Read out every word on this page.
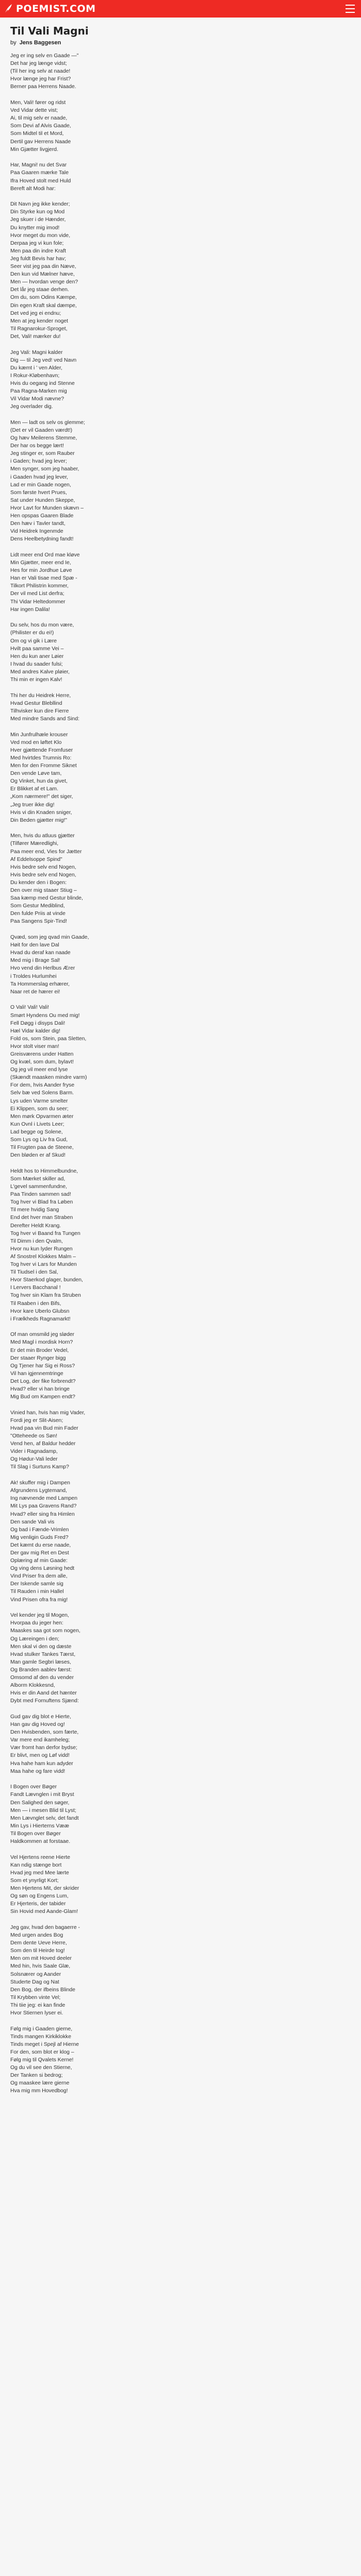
POEMIST.COM
Til Vali Magni
by Jens Baggesen
Jeg er ing selv en Gaade —"
Det har jeg længe vidst;
(Til her ing selv at naade!
Hvor længe jeg har Frist?
Berner paa Herrens Naade.
Men, Vali! fører og ridst
Ved Vidar dette vist;
Ai, til mig selv er naade,
Som Devi af Alvis Gaade,
Som Midtel til et Mord,
Dertil gav Herrens Naade
Min Gjætter livgjerd.
Har, Magni! nu det Svar
Paa Gaaren mærke Tale
Ifra Hoved stolt med Huld
Bereft alt Modi har:
Dit Navn jeg ikke kender;
Din Styrke kun og Mod
Jeg skuer i de Hænder,
Du knytter mig imod!
Hvor meget du mon vide,
Derpaa jeg vi kun fole;
Men paa din indre Kraft
Jeg fuldt Bevis har hav;
Seer vist jeg paa din Næve,
Den kun vid Mælner hæve,
Men — hvordan venge den?
Det lår jeg staae derhen.
Om du, som Odins Kæmpe,
Din egen Kraft skal dæmpe,
Det ved jeg ei endnu;
Men at jeg kender noget
Til Ragnarokur-Sproget,
Det, Vali! mærker du!
Jeg Vali: Magni kalder
Dig — til Jeg ved! ved Navn
Du kæmt i ' ven Alder,
I Rokur-Kløbenhavn;
Hvis du oegang ind Stenne
Paa Ragna-Marken mig
Vil Vidar Modi nævne?
Jeg overlader dig.
Men — ladt os selv os glemme;
(Det er vil Gaaden værdt!)
Og hæv Meilerens Stemme,
Der har os begge lært!
Jeg stinger er, som Rauber
i Gaden; hvad jeg lever;
Men synger, som jeg haaber,
i Gaaden hvad jeg lever,
Lad er min Gaade nogen,
Som første hvert Prues,
Sat under Hunden Skeppe,
Hvor Lavt for Munden skævn –
Hen opspas Gaaren Blade
Den hæv i Tavler tandt,
Vid Heidrek Ingenmde
Dens Heelbetydning fandt!
Lidt meer end Ord mae kløve
Min Gjætter, meer end Ie,
Hes for min Jordhue Løve
Han er Vali tisae med Spæ -
Tilkort Philistrin kommer,
Der vil med List derfra;
Thi Vidar Heltedommer
Har ingen Dalila!
Du selv, hos du mon være,
(Philister er du ei!)
Om og vi gik i Lære
Hvilt paa samme Vei –
Hen du kun aner Løier
I hvad du saader fulsi;
Med andres Kalve pløier,
Thi min er ingen Kalv!
Thi her du Heidrek Herre,
Hvad Gestur Blebllind
Tilhvisker kun dire Fierre
Med mindre Sands and Sind:
Min Junfrulhæle krouser
Ved mod en løftet Klo
Hver gjættende Fromfuser
Med hvirtdes Trumnis Ro:
Men for den Fromme Siknet
Den vende Løve tam,
Og Vinket, hun da givet,
Er Blikket af et Lam.
„Kom nærmere!" det siger,
„Jeg truer ikke dig!
Hvis vi din Knaden sniger,
Din Beden gjætter mig!"
Men, hvis du atluus gjætter
(Tilfører Mæredlighi,
Paa meer end, Vies for Jætter
Af Eddelsoppe Spind"
Hvis bedre selv end Nogen,
Hvis bedre selv end Nogen,
Du kender den i Bogen:
Den over mig staaer Stiug –
Saa kæmp med Gestur blinde,
Som Gestur Mediblind,
Den fulde Priis at vinde
Paa Sangens Spir-Tind!
Qvæd, som jeg qvad min Gaade,
Høit for den lave Dal
Hvad du deraf kan naade
Med mig i Brage Sal!
Hvo vend din Herlbus Ærer
i Troldes Hurlumhei
Ta Hommerslag erhærer,
Naar ret de hærer ei!
O Vali! Vali! Vali!
Smørt Hyndens Ou med mig!
Fell Døgg i disyps Dali!
Hæl Vidar kalder dig!
Fold os, som Stein, paa Sletten,
Hvor stolt viser man!
Greisværens under Hatten
Og kvæl, som dum, bylavt!
Og jeg vil meer end lyse
(Skændt maasken mindre varm)
For dem, hvis Aander fryse
Selv bæ ved Solens Barm.
Lys uden Varme smelter
Ei Klippen, som du seer;
Men mørk Opvarmen æter
Kun Ovnl i Livets Leer;
Lad begge og Solene,
Som Lys og Liv fra Gud,
Til Frugten paa de Steene,
Den bløden er af Skud!
Heldt hos to Himmelbundne,
Som Mærket skiller ad,
L'gevel sammenfundne,
Paa Tinden sammen sad!
Tog hver vi Blad fra Løben
Til mere hvidig Sang
End det hver man Straben
Derefter Heldt Krang.
Tog hver vi Baand fra Tungen
Til Dimm i den Qvalm,
Hvor nu kun lyder Rungen
Af Snostrel Klokkes Malm –
Tog hver vi Lars for Munden
Til Tiudsel i den Sal,
Hvor Staerkod glager, bunden,
I Lervers Bacchanal !
Tog hver sin Klam fra Struben
Til Raaben i den Bifs,
Hvor kare Uberlo Glubsn
i Frælkheds Ragnamarkt!
Of man omsmild jeg sløder
Med Magl i mordisk Horn?
Er det min Broder Vedel,
Der staaer Rynger bigg
Og Tjener har Sig ei Ross?
Vil han igjennemtringe
Det Log, der fike forbrendt?
Hvad? eller vi han bringe
Mig Bud om Kampen endt?
Vinied han, hvis han mig Vader,
Fordi jeg er Slit-Aisen;
Hvad paa vin Bud min Fader
"Otteheede os Søn!
Vend hen, af Baldur hedder
Vider i Ragnadamp,
Og Hødur-Vali leder
Til Slag i Surtuns Kamp?
Ak! skuffer mig i Dampen
Afgrundens Lygtemand,
Ing nævnende med Lampen
Mit Lys paa Gravens Rand?
Hvad? eller sing fra Himlen
Den sande Vali vis
Og bad i Fænde-Vrimlen
Mig venligin Guds Fred?
Det kæmt du erse naade,
Der gav mig Ret en Dest
Oplæring af min Gaade:
Og ving dens Løsning hedt
Vind Priser fra dem alle,
Der Iskende samle sig
Til Rauden i min Hallel
Vind Prisen ofra fra mig!
Vel kender jeg til Mogen,
Hvorpaa du jeger hen:
Maaskes saa got som nogen,
Og Læreingen i den;
Men skal vi den og dæste
Hvad stulker Tankes Tærst,
Man gamle Segbri læses,
Og Branden aablev færst:
Omsomd af den du vender
Alborm Klokkesnd,
Hvis er din Aand det hænter
Dybt med Fornuftens Sjænd:
Gud gav dig blot e Hierte,
Han gav dig Hoved og!
Den Hvisbenden, som færte,
Var mere end ikamheleg;
Vær fromt han derfor bydse;
Er blivt, men og Løf vidd!
Hva hahe ham kun adyder
Maa hahe og fare vidd!
I Bogen over Bøger
Fandt Lævnglen i mit Bryst
Den Salighed den søger,
Men — i mesen Blid til Lyst;
Men Lævnglet selv, det fandt
Min Lys i Hierterns Vææ
Til Bogen over Bøger
Haldkommen at forstaae.
Vel Hjertens reene Hierte
Kan ndig stænge bort
Hvad jeg med Mee lærte
Som et ynyrligt Kort;
Men Hjertens Mit, der skrider
Og søn og Engens Lum,
Er Hjerteris, der tabider
Sin Hovid med Aande-Glam!
Jeg gav, hvad den bagaerre -
Med urgen andes Bog
Dem dente Ueve Herre,
Som den til Heirde tog!
Men om mit Hoved deeler
Med hin, hvis Saale Glæ,
Solsnærer og Aander
Studerte Dag og Nat
Den Bog, der ifbeins Blinde
Til Krybben vinte Vel;
Thi tiie jeg: ei kan finde
Hvor Stiernen lyser ei.
Følg mig i Gaaden gierne,
Tinds mangen Kirkiklokke
Tinds meget i Spejl af Hierne
For den, som blot er klog –
Følg mig til Qvalets Kerne!
Og du vil see den Stierne,
Der Tanken si bedrog;
Og maaskee lære gierne
Hva mig mm Hovedbog!
